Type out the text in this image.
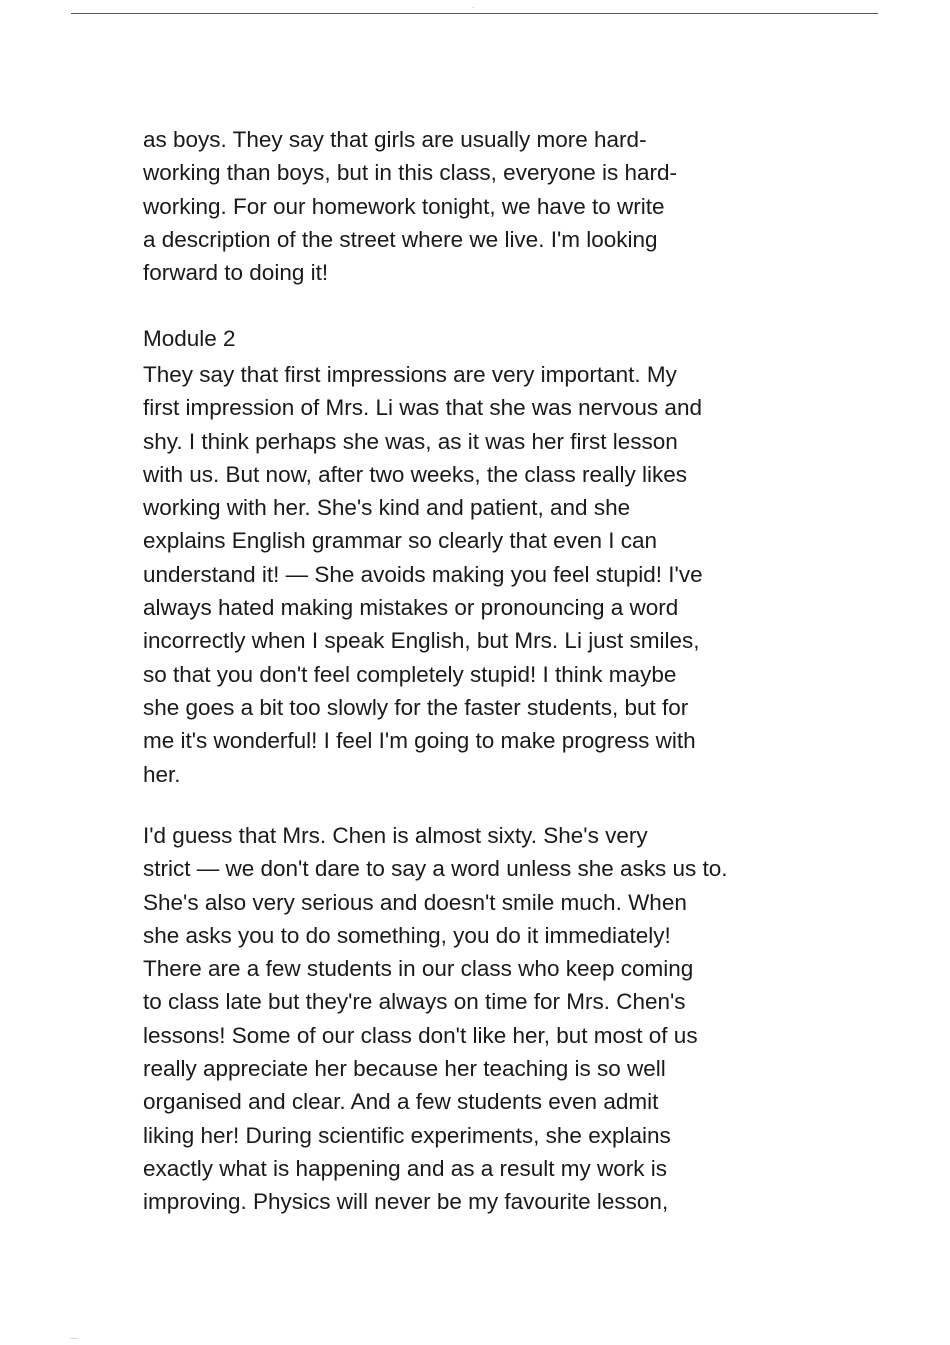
.
as boys. They say that girls are usually more hard-
working than boys, but in this class, everyone is hard-
working. For our homework tonight, we have to write
a description of the street where we live. I'm looking
forward to doing it!
Module 2
They say that first impressions are very important. My
first impression of Mrs. Li was that she was nervous and
shy. I think perhaps she was, as it was her first lesson
with us. But now, after two weeks, the class really likes
working with her. She's kind and patient, and she
explains English grammar so clearly that even I can
understand it! — She avoids making you feel stupid! I've
always hated making mistakes or pronouncing a word
incorrectly when I speak English, but Mrs. Li just smiles,
so that you don't feel completely stupid! I think maybe
she goes a bit too slowly for the faster students, but for
me it's wonderful! I feel I'm going to make progress with
her.
I'd guess that Mrs. Chen is almost sixty. She's very
strict — we don't dare to say a word unless she asks us to.
She's also very serious and doesn't smile much. When
she asks you to do something, you do it immediately!
There are a few students in our class who keep coming
to class late but they're always on time for Mrs. Chen's
lessons! Some of our class don't like her, but most of us
really appreciate her because her teaching is so well
organised and clear. And a few students even admit
liking her! During scientific experiments, she explains
exactly what is happening and as a result my work is
improving. Physics will never be my favourite lesson,
....
